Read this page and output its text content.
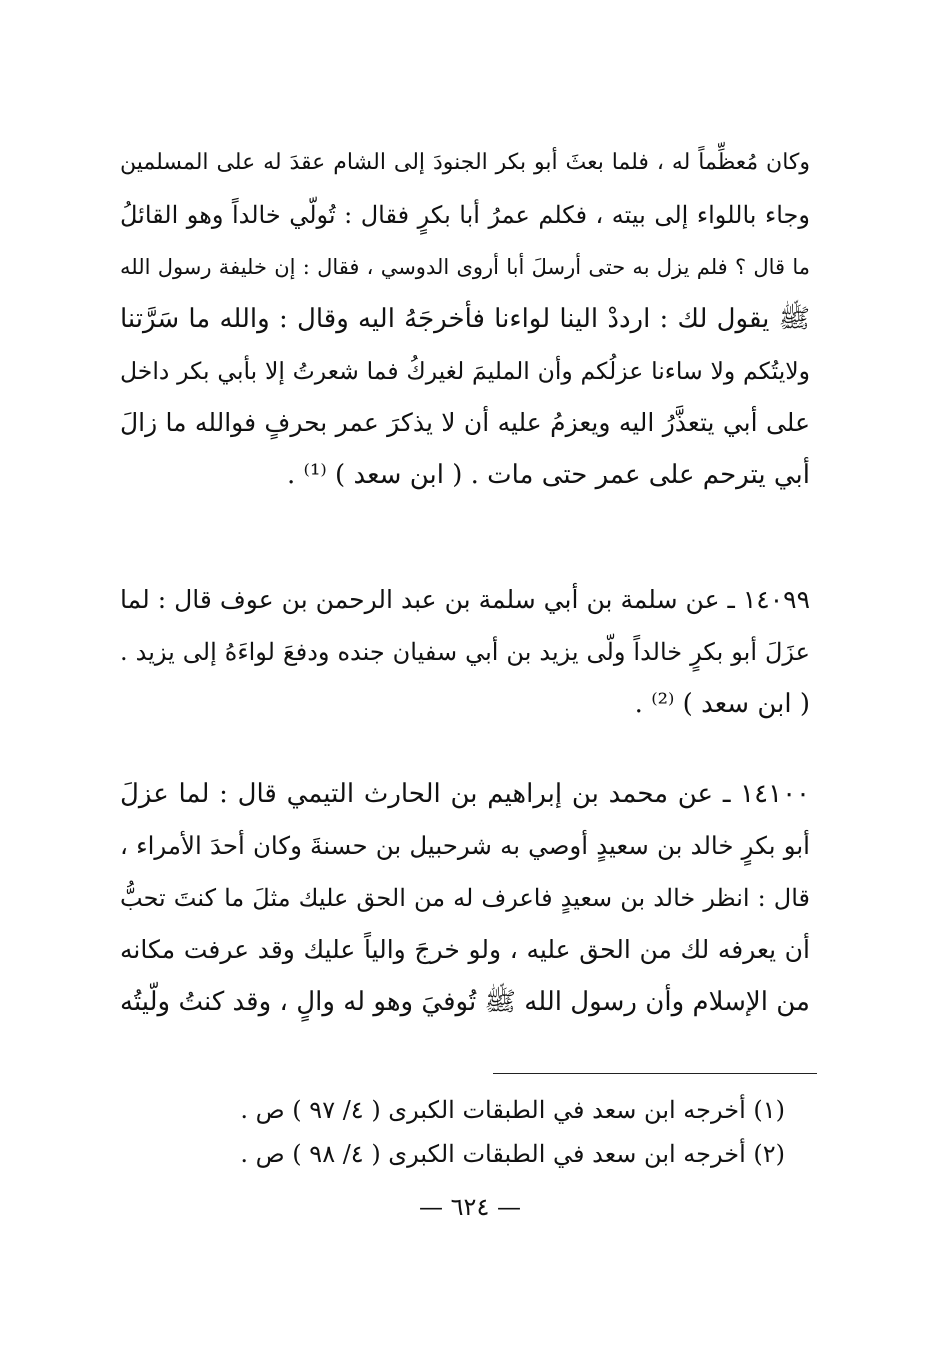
وكان مُعظِّماً له ، فلما بعثَ أبو بكر الجنودَ إلى الشام عقدَ له على المسلمين
وجاء باللواء إلى بيته ، فكلم عمرُ أبا بكرٍ فقال : تُولّي خالداً وهو القائلُ
ما قال ؟ فلم يزل به حتى أرسلَ أبا أروى الدوسي ، فقال : إن خليفة رسول الله
ﷺ يقول لك : ارددْ الينا لواءنا فأخرجَهُ اليه وقال : والله ما سَرَّتنا
ولايتُكم ولا ساءنا عزلُكم وأن المليمَ لغيركُ فما شعرتُ إلا بأبي بكر داخل
على أبي يتعذَّرُ اليه ويعزمُ عليه أن لا يذكرَ عمر بحرفٍ فوالله ما زالَ
أبي يترحم على عمر حتى مات . ( ابن سعد ) ⁽¹⁾ .
١٤٠٩٩ ـ عن سلمة بن أبي سلمة بن عبد الرحمن بن عوف قال : لما
عزَلَ أبو بكرٍ خالداً ولّى يزيد بن أبي سفيان جنده ودفعَ لواءَهُ إلى يزيد .
( ابن سعد ) ⁽²⁾ .
١٤١٠٠ ـ عن محمد بن إبراهيم بن الحارث التيمي قال : لما عزلَ
أبو بكرٍ خالد بن سعيدٍ أوصي به شرحبيل بن حسنةَ وكان أحدَ الأمراء ،
قال : انظر خالد بن سعيدٍ فاعرف له من الحق عليك مثلَ ما كنتَ تحبُّ
أن يعرفه لك من الحق عليه ، ولو خرجَ والياً عليك وقد عرفت مكانه
من الإسلام وأن رسول الله ﷺ تُوفيَ وهو له والٍ ، وقد كنتُ ولّيتُه
(١) أخرجه ابن سعد في الطبقات الكبرى ( ٤/ ٩٧ ) ص .
(٢) أخرجه ابن سعد في الطبقات الكبرى ( ٤/ ٩٨ ) ص .
— ٦٢٤ —
